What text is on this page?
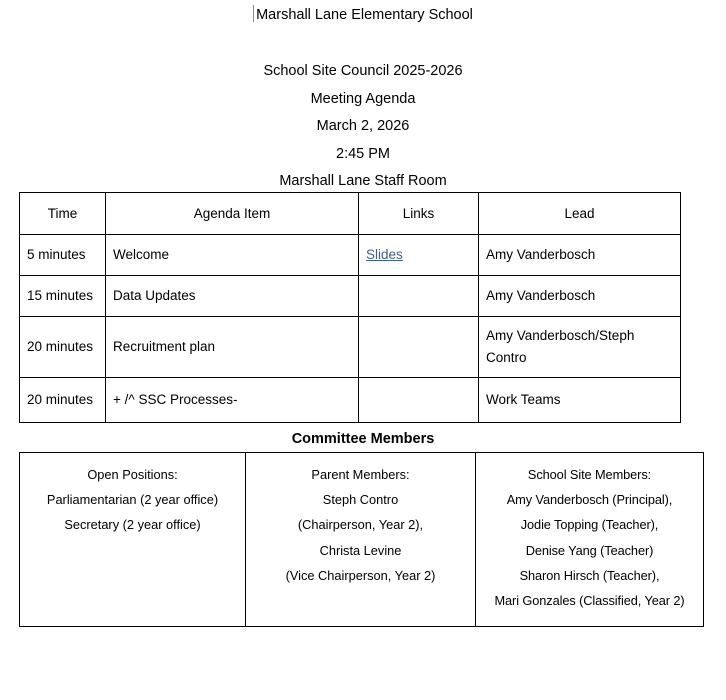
Marshall Lane Elementary School
School Site Council 2025-2026
Meeting Agenda
March 2, 2026
2:45 PM
Marshall Lane Staff Room
Time	Agenda Item	Links	Lead
5 minutes	Welcome	Slides	Amy Vanderbosch
15 minutes	Data Updates		Amy Vanderbosch
20 minutes	Recruitment plan		Amy Vanderbosch/Steph Contro
20 minutes	+ /^ SSC Processes-		Work Teams
Committee Members
Open Positions:
Parliamentarian (2 year office)
Secretary (2 year office)

Parent Members:
Steph Contro
(Chairperson, Year 2),
Christa Levine
(Vice Chairperson, Year 2)

School Site Members:
Amy Vanderbosch (Principal),
Jodie Topping (Teacher),
Denise Yang (Teacher)
Sharon Hirsch (Teacher),
Mari Gonzales (Classified, Year 2)
